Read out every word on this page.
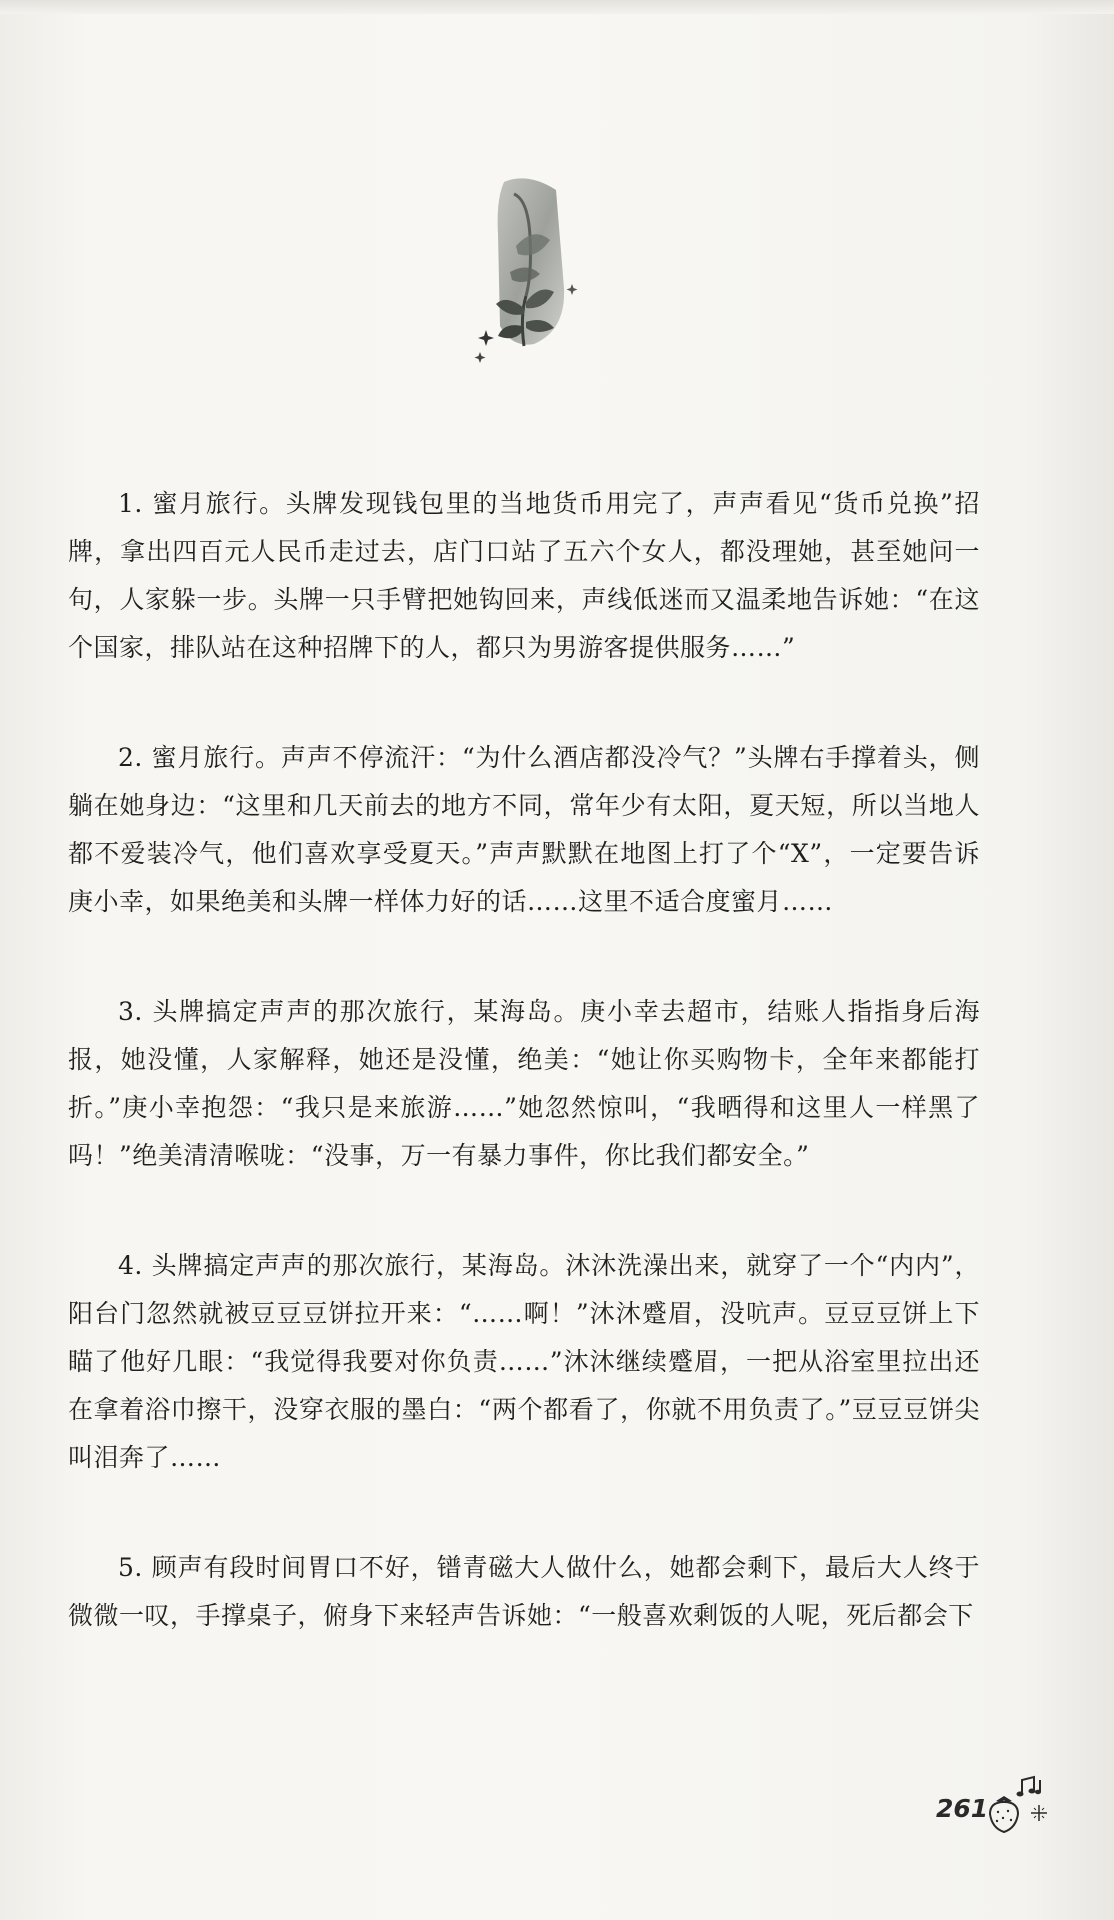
1. 蜜月旅行。头牌发现钱包里的当地货币用完了，声声看见“货币兑换”招牌，拿出四百元人民币走过去，店门口站了五六个女人，都没理她，甚至她问一句，人家躲一步。头牌一只手臂把她钩回来，声线低迷而又温柔地告诉她：“在这个国家，排队站在这种招牌下的人，都只为男游客提供服务……”

2. 蜜月旅行。声声不停流汗：“为什么酒店都没冷气？”头牌右手撑着头，侧躺在她身边：“这里和几天前去的地方不同，常年少有太阳，夏天短，所以当地人都不爱装冷气，他们喜欢享受夏天。”声声默默在地图上打了个“X”，一定要告诉庚小幸，如果绝美和头牌一样体力好的话……这里不适合度蜜月……

3. 头牌搞定声声的那次旅行，某海岛。庚小幸去超市，结账人指指身后海报，她没懂，人家解释，她还是没懂，绝美：“她让你买购物卡，全年来都能打折。”庚小幸抱怨：“我只是来旅游……”她忽然惊叫，“我晒得和这里人一样黑了吗！”绝美清清喉咙：“没事，万一有暴力事件，你比我们都安全。”

4. 头牌搞定声声的那次旅行，某海岛。沐沐洗澡出来，就穿了一个“内内”，阳台门忽然就被豆豆豆饼拉开来：“……啊！”沐沐蹙眉，没吭声。豆豆豆饼上下瞄了他好几眼：“我觉得我要对你负责……”沐沐继续蹙眉，一把从浴室里拉出还在拿着浴巾擦干，没穿衣服的墨白：“两个都看了，你就不用负责了。”豆豆豆饼尖叫泪奔了……

5. 顾声有段时间胃口不好，镨青磁大人做什么，她都会剩下，最后大人终于微微一叹，手撑桌子，俯身下来轻声告诉她：“一般喜欢剩饭的人呢，死后都会下

261
